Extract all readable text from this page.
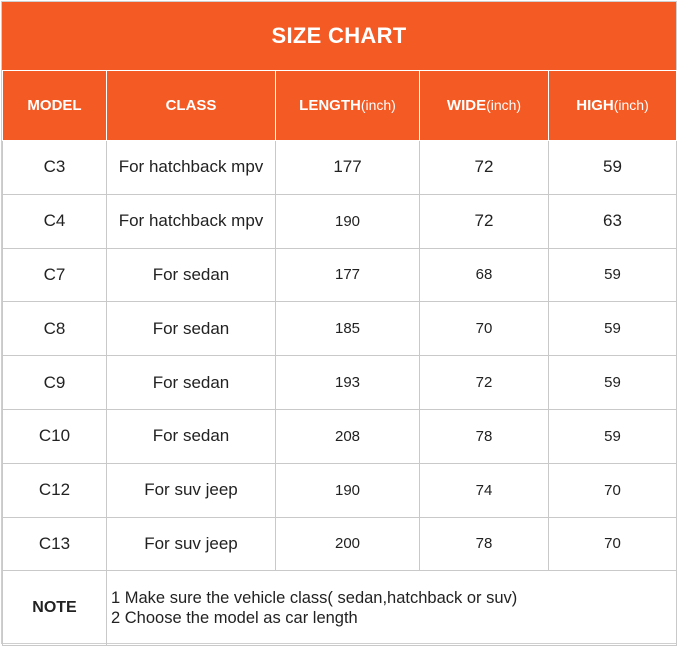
SIZE CHART
MODEL	CLASS	LENGTH(inch)	WIDE(inch)	HIGH(inch)
C3	For hatchback mpv	177	72	59
C4	For hatchback mpv	190	72	63
C7	For sedan	177	68	59
C8	For sedan	185	70	59
C9	For sedan	193	72	59
C10	For sedan	208	78	59
C12	For suv jeep	190	74	70
C13	For suv jeep	200	78	70
NOTE	1 Make sure the vehicle class( sedan,hatchback or suv)
2 Choose the model as car length			
